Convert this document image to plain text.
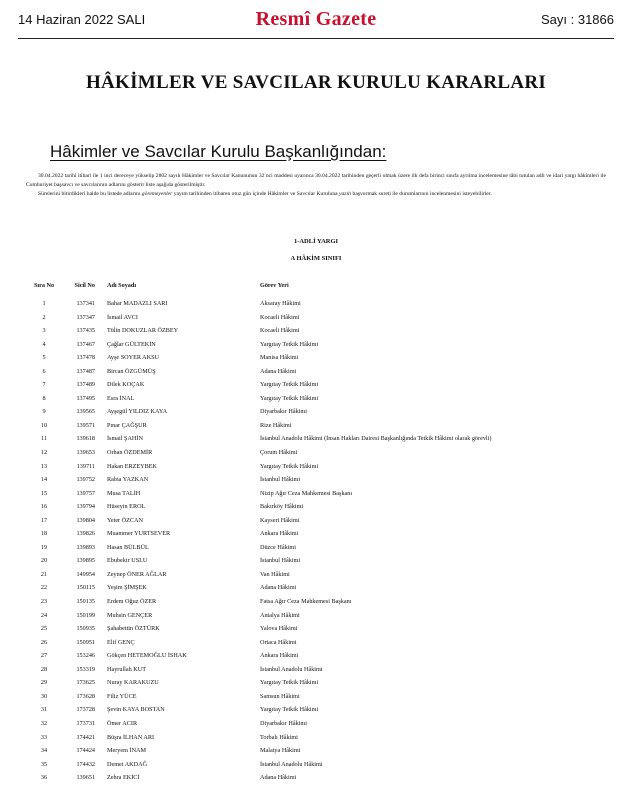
14 Haziran 2022 SALI	Resmî Gazete	Sayı : 31866
HÂKİMLER VE SAVCILAR KURULU KARARLARI
Hâkimler ve Savcılar Kurulu Başkanlığından:

30.04.2022 tarihi itibari ile 1 inci dereceye yükselip 2802 sayılı Hâkimler ve Savcılar Kanununun 32 nci maddesi uyarınca 30.04.2022 tarihinden geçerli olmak üzere ilk defa birinci sınıfa ayrılma incelemesine tâbi tutulan adli ve idari yargı hâkimleri ile Cumhuriyet başsavcı ve savcılarının adlarını gösterir liste aşağıda gösterilmiştir.

Sürelerini bitirdikleri halde bu listede adlarını göremeyenler yayım tarihinden itibaren otuz gün içinde Hâkimler ve Savcılar Kuruluna yazılı başvurmak sureti ile durumlarının incelenmesini isteyebilirler.

1-ADLİ YARGI
A HÂKİM SINIFI
Sıra No	Sicil No Adı Soyadı	Görev Yeri
1	137341 Bahar MADAZLI SARI	Aksaray Hâkimi
2	137347 İsmail AVCI	Kocaeli Hâkimi
3	137435 Tülin DOKUZLAR ÖZBEY	Kocaeli Hâkimi
4	137467 Çağlar GÜLTEKİN	Yargıtay Tetkik Hâkimi
5	137478 Ayşe SOYER AKSU	Manisa Hâkimi
6	137487 Bircan ÖZGÜMÜŞ	Adana Hâkimi
7	137489 Dilek KOÇAK	Yargıtay Tetkik Hâkimi
8	137495 Esra İNAL	Yargıtay Tetkik Hâkimi
9	139565 Ayşegül YILDIZ KAYA	Diyarbakır Hâkimi
10	139571 Pınar ÇAĞŞUR	Rize Hâkimi
11	139618 İsmail ŞAHİN	İstanbul Anadolu Hâkimi (İnsan Hakları Dairesi Başkanlığında Tetkik Hâkimi olarak görevli)
12	139653 Orhan ÖZDEMİR	Çorum Hâkimi
13	139711 Hakan ERZEYBEK	Yargıtay Tetkik Hâkimi
14	139752 Rabia YAZKAN	İstanbul Hâkimi
15	139757 Musa TALİH	Nizip Ağır Ceza Mahkemesi Başkanı
16	139794 Hüseyin EROL	Bakırköy Hâkimi
17	139804 Yeter ÖZCAN	Kayseri Hâkimi
18	139826 Muammer YURTSEVER	Ankara Hâkimi
19	139893 Hasan BÜLBÜL	Düzce Hâkimi
20	139895 Ebubekir USLU	İstanbul Hâkimi
21	149954 Zeynep ÖNER AĞLAR	Van Hâkimi
22	150115 Yeşim ŞİMŞEK	Adana Hâkimi
23	150135 Erdem Oğuz ÖZER	Fatsa Ağır Ceza Mahkemesi Başkanı
24	150199 Muhsin GENÇER	Antalya Hâkimi
25	150935 Şahabettin ÖZTÜRK	Yalova Hâkimi
26	150951 Elif GENÇ	Ortaca Hâkimi
27	153246 Gökçen HETEMOĞLU İSHAK	Ankara Hâkimi
28	153319 Hayrullah KUT	İstanbul Anadolu Hâkimi
29	173625 Nuray KARAKUZU	Yargıtay Tetkik Hâkimi
30	173628 Filiz YÜCE	Samsun Hâkimi
31	173728 Şevin KAYA BOSTAN	Yargıtay Tetkik Hâkimi
32	173731 Ömer ACIR	Diyarbakır Hâkimi
33	174421 Büşra İLHAN ARI	Torbalı Hâkimi
34	174424 Meryem İNAM	Malatya Hâkimi
35	174432 Demet AKDAĞ	İstanbul Anadolu Hâkimi
36	139651 Zehra EKİCİ	Adana Hâkimi
